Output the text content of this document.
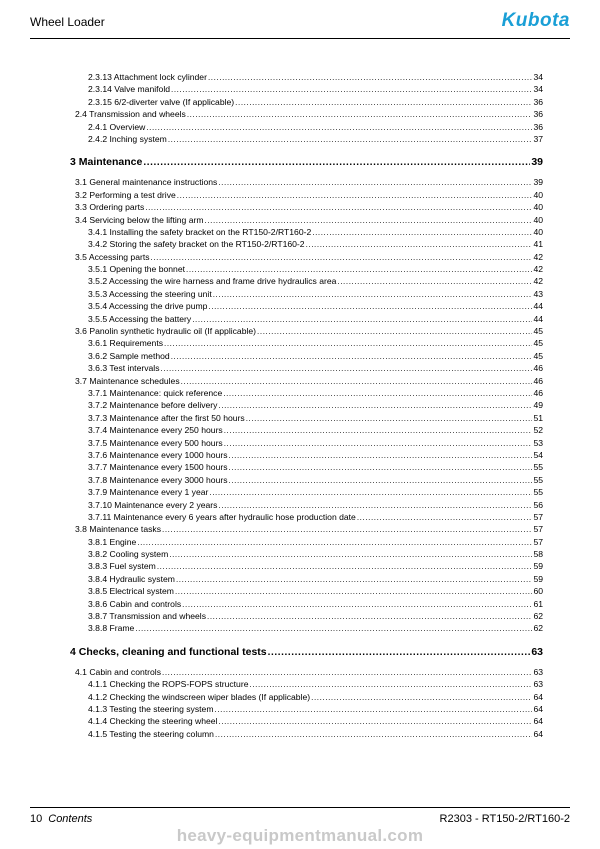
Wheel Loader	Kubota
2.3.13 Attachment lock cylinder .....	34
2.3.14 Valve manifold .....	34
2.3.15 6/2-diverter valve (If applicable) .....	36
2.4 Transmission and wheels .....	36
2.4.1 Overview .....	36
2.4.2 Inching system .....	37
3 Maintenance .....	39
3.1 General maintenance instructions .....	39
3.2 Performing a test drive .....	40
3.3 Ordering parts .....	40
3.4 Servicing below the lifting arm .....	40
3.4.1 Installing the safety bracket on the RT150-2/RT160-2 .....	40
3.4.2 Storing the safety bracket on the RT150-2/RT160-2 .....	41
3.5 Accessing parts .....	42
3.5.1 Opening the bonnet .....	42
3.5.2 Accessing the wire harness and frame drive hydraulics area .....	42
3.5.3 Accessing the steering unit .....	43
3.5.4 Accessing the drive pump .....	44
3.5.5 Accessing the battery .....	44
3.6 Panolin synthetic hydraulic oil (If applicable) .....	45
3.6.1 Requirements .....	45
3.6.2 Sample method .....	45
3.6.3 Test intervals .....	46
3.7 Maintenance schedules .....	46
3.7.1 Maintenance: quick reference .....	46
3.7.2 Maintenance before delivery .....	49
3.7.3 Maintenance after the first 50 hours .....	51
3.7.4 Maintenance every 250 hours .....	52
3.7.5 Maintenance every 500 hours .....	53
3.7.6 Maintenance every 1000 hours .....	54
3.7.7 Maintenance every 1500 hours .....	55
3.7.8 Maintenance every 3000 hours .....	55
3.7.9 Maintenance every 1 year .....	55
3.7.10 Maintenance every 2 years .....	56
3.7.11 Maintenance every 6 years after hydraulic hose production date .....	57
3.8 Maintenance tasks .....	57
3.8.1 Engine .....	57
3.8.2 Cooling system .....	58
3.8.3 Fuel system .....	59
3.8.4 Hydraulic system .....	59
3.8.5 Electrical system .....	60
3.8.6 Cabin and controls .....	61
3.8.7 Transmission and wheels .....	62
3.8.8 Frame .....	62
4 Checks, cleaning and functional tests .....	63
4.1 Cabin and controls .....	63
4.1.1 Checking the ROPS-FOPS structure .....	63
4.1.2 Checking the windscreen wiper blades (If applicable) .....	64
4.1.3 Testing the steering system .....	64
4.1.4 Checking the steering wheel .....	64
4.1.5 Testing the steering column .....	64
10 Contents	R2303 - RT150-2/RT160-2
heavy-equipmentmanual.com
